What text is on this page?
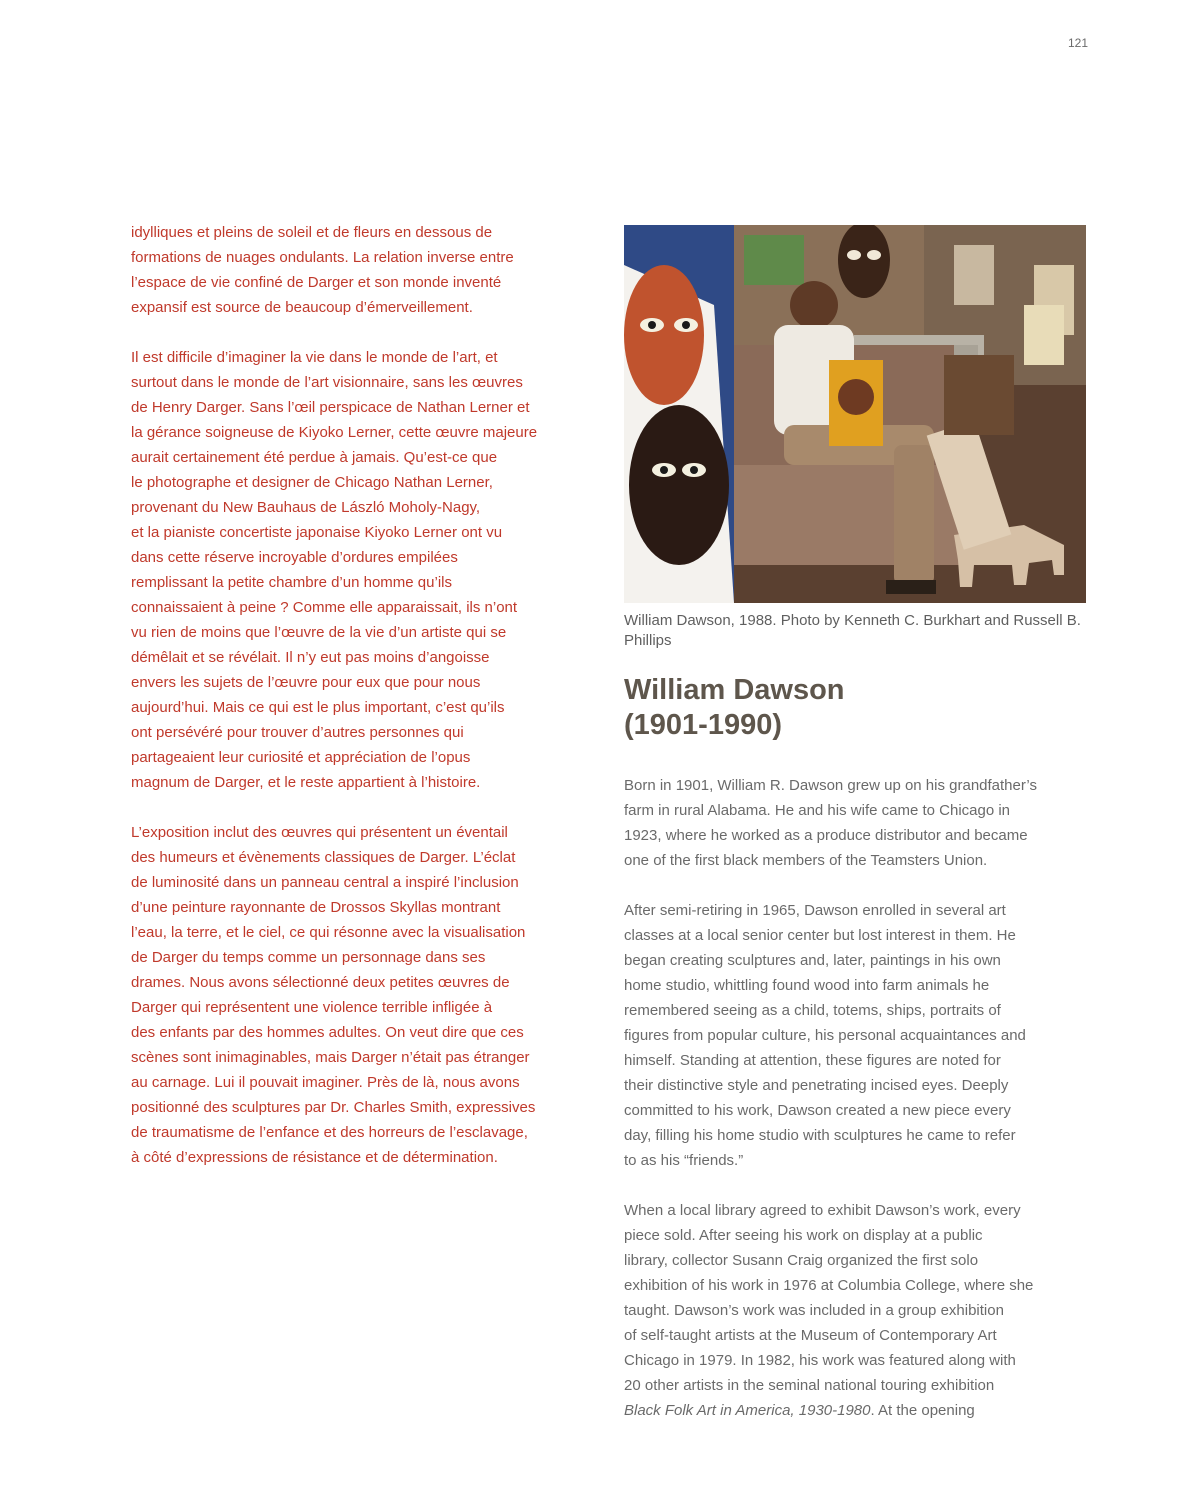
121

idylliques et pleins de soleil et de fleurs en dessous de
formations de nuages ondulants. La relation inverse entre
l’espace de vie confiné de Darger et son monde inventé
expansif est source de beaucoup d’émerveillement.

Il est difficile d’imaginer la vie dans le monde de l’art, et
surtout dans le monde de l’art visionnaire, sans les œuvres
de Henry Darger. Sans l’œil perspicace de Nathan Lerner et
la gérance soigneuse de Kiyoko Lerner, cette œuvre majeure
aurait certainement été perdue à jamais. Qu’est-ce que
le photographe et designer de Chicago Nathan Lerner,
provenant du New Bauhaus de László Moholy-Nagy,
et la pianiste concertiste japonaise Kiyoko Lerner ont vu
dans cette réserve incroyable d’ordures empilées
remplissant la petite chambre d’un homme qu’ils
connaissaient à peine ? Comme elle apparaissait, ils n’ont
vu rien de moins que l’œuvre de la vie d’un artiste qui se
démêlait et se révélait. Il n’y eut pas moins d’angoisse
envers les sujets de l’œuvre pour eux que pour nous
aujourd’hui. Mais ce qui est le plus important, c’est qu’ils
ont persévéré pour trouver d’autres personnes qui
partageaient leur curiosité et appréciation de l’opus
magnum de Darger, et le reste appartient à l’histoire.

L’exposition inclut des œuvres qui présentent un éventail
des humeurs et évènements classiques de Darger. L’éclat
de luminosité dans un panneau central a inspiré l’inclusion
d’une peinture rayonnante de Drossos Skyllas montrant
l’eau, la terre, et le ciel, ce qui résonne avec la visualisation
de Darger du temps comme un personnage dans ses
drames. Nous avons sélectionné deux petites œuvres de
Darger qui représentent une violence terrible infligée à
des enfants par des hommes adultes. On veut dire que ces
scènes sont inimaginables, mais Darger n’était pas étranger
au carnage. Lui il pouvait imaginer. Près de là, nous avons
positionné des sculptures par Dr. Charles Smith, expressives
de traumatisme de l’enfance et des horreurs de l’esclavage,
à côté d’expressions de résistance et de détermination.

William Dawson, 1988. Photo by Kenneth C. Burkhart and Russell B. Phillips

William Dawson
(1901-1990)

Born in 1901, William R. Dawson grew up on his grandfather’s
farm in rural Alabama. He and his wife came to Chicago in
1923, where he worked as a produce distributor and became
one of the first black members of the Teamsters Union.

After semi-retiring in 1965, Dawson enrolled in several art
classes at a local senior center but lost interest in them. He
began creating sculptures and, later, paintings in his own
home studio, whittling found wood into farm animals he
remembered seeing as a child, totems, ships, portraits of
figures from popular culture, his personal acquaintances and
himself. Standing at attention, these figures are noted for
their distinctive style and penetrating incised eyes. Deeply
committed to his work, Dawson created a new piece every
day, filling his home studio with sculptures he came to refer
to as his “friends.”

When a local library agreed to exhibit Dawson’s work, every
piece sold. After seeing his work on display at a public
library, collector Susann Craig organized the first solo
exhibition of his work in 1976 at Columbia College, where she
taught. Dawson’s work was included in a group exhibition
of self-taught artists at the Museum of Contemporary Art
Chicago in 1979. In 1982, his work was featured along with
20 other artists in the seminal national touring exhibition
Black Folk Art in America, 1930-1980. At the opening
